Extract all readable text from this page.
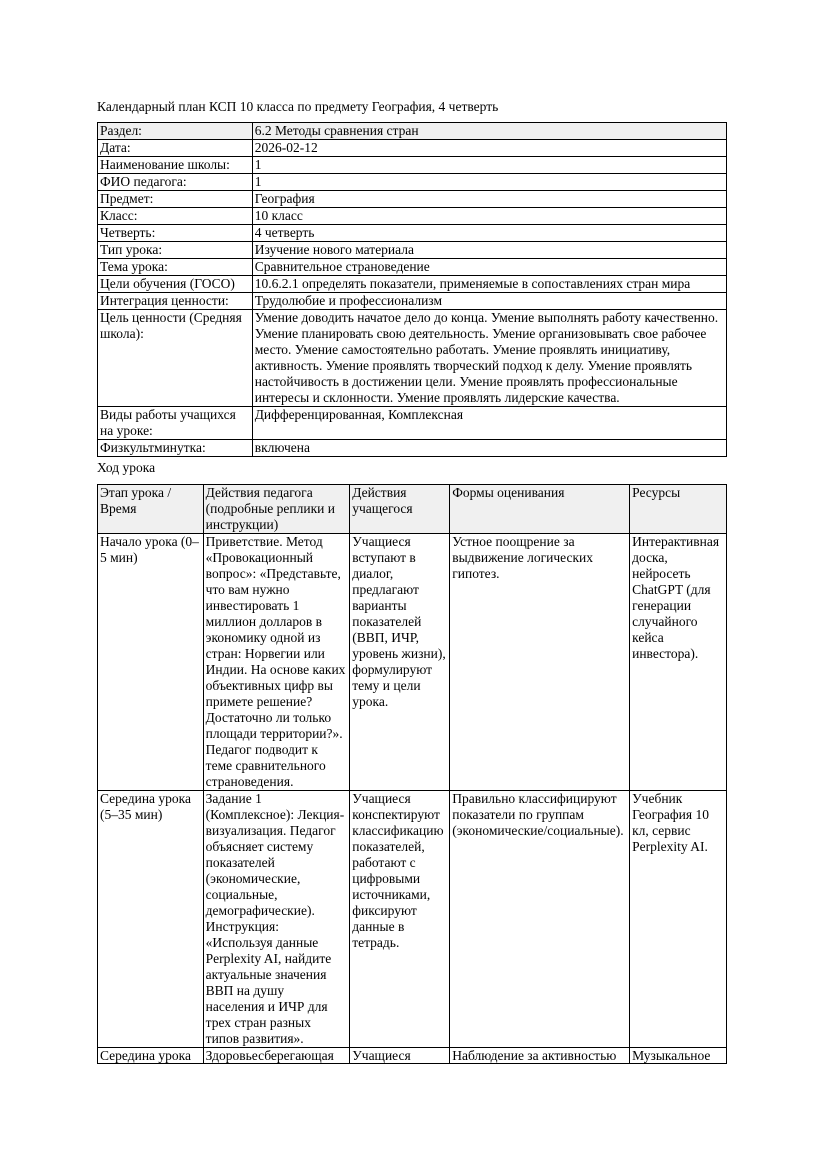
Календарный план КСП 10 класса по предмету География, 4 четверть

Раздел:	6.2 Методы сравнения стран
Дата:	2026-02-12
Наименование школы:	1
ФИО педагога:	1
Предмет:	География
Класс:	10 класс
Четверть:	4 четверть
Тип урока:	Изучение нового материала
Тема урока:	Сравнительное страноведение
Цели обучения (ГОСО)	10.6.2.1 определять показатели, применяемые в сопоставлениях стран мира
Интеграция ценности:	Трудолюбие и профессионализм
Цель ценности (Средняя школа):	Умение доводить начатое дело до конца. Умение выполнять работу качественно. Умение планировать свою деятельность. Умение организовывать свое рабочее место. Умение самостоятельно работать. Умение проявлять инициативу, активность. Умение проявлять творческий подход к делу. Умение проявлять настойчивость в достижении цели. Умение проявлять профессиональные интересы и склонности. Умение проявлять лидерские качества.
Виды работы учащихся на уроке:	Дифференцированная, Комплексная
Физкультминутка:	включена

Ход урока

Этап урока / Время	Действия педагога (подробные реплики и инструкции)	Действия учащегося	Формы оценивания	Ресурсы

Начало урока (0–5 мин)	Приветствие. Метод «Провокационный вопрос»: «Представьте, что вам нужно инвестировать 1 миллион долларов в экономику одной из стран: Норвегии или Индии. На основе каких объективных цифр вы примете решение? Достаточно ли только площади территории?». Педагог подводит к теме сравнительного страноведения.	Учащиеся вступают в диалог, предлагают варианты показателей (ВВП, ИЧР, уровень жизни), формулируют тему и цели урока.	Устное поощрение за выдвижение логических гипотез.	Интерактивная доска, нейросеть ChatGPT (для генерации случайного кейса инвестора).

Середина урока (5–35 мин)	Задание 1 (Комплексное): Лекция-визуализация. Педагог объясняет систему показателей (экономические, социальные, демографические). Инструкция: «Используя данные Perplexity AI, найдите актуальные значения ВВП на душу населения и ИЧР для трех стран разных типов развития».	Учащиеся конспектируют классификацию показателей, работают с цифровыми источниками, фиксируют данные в тетрадь.	Правильно классифицируют показатели по группам (экономические/социальные).	Учебник География 10 кл, сервис Perplexity AI.

Середина урока	Здоровьесберегающая	Учащиеся	Наблюдение за активностью	Музыкальное
